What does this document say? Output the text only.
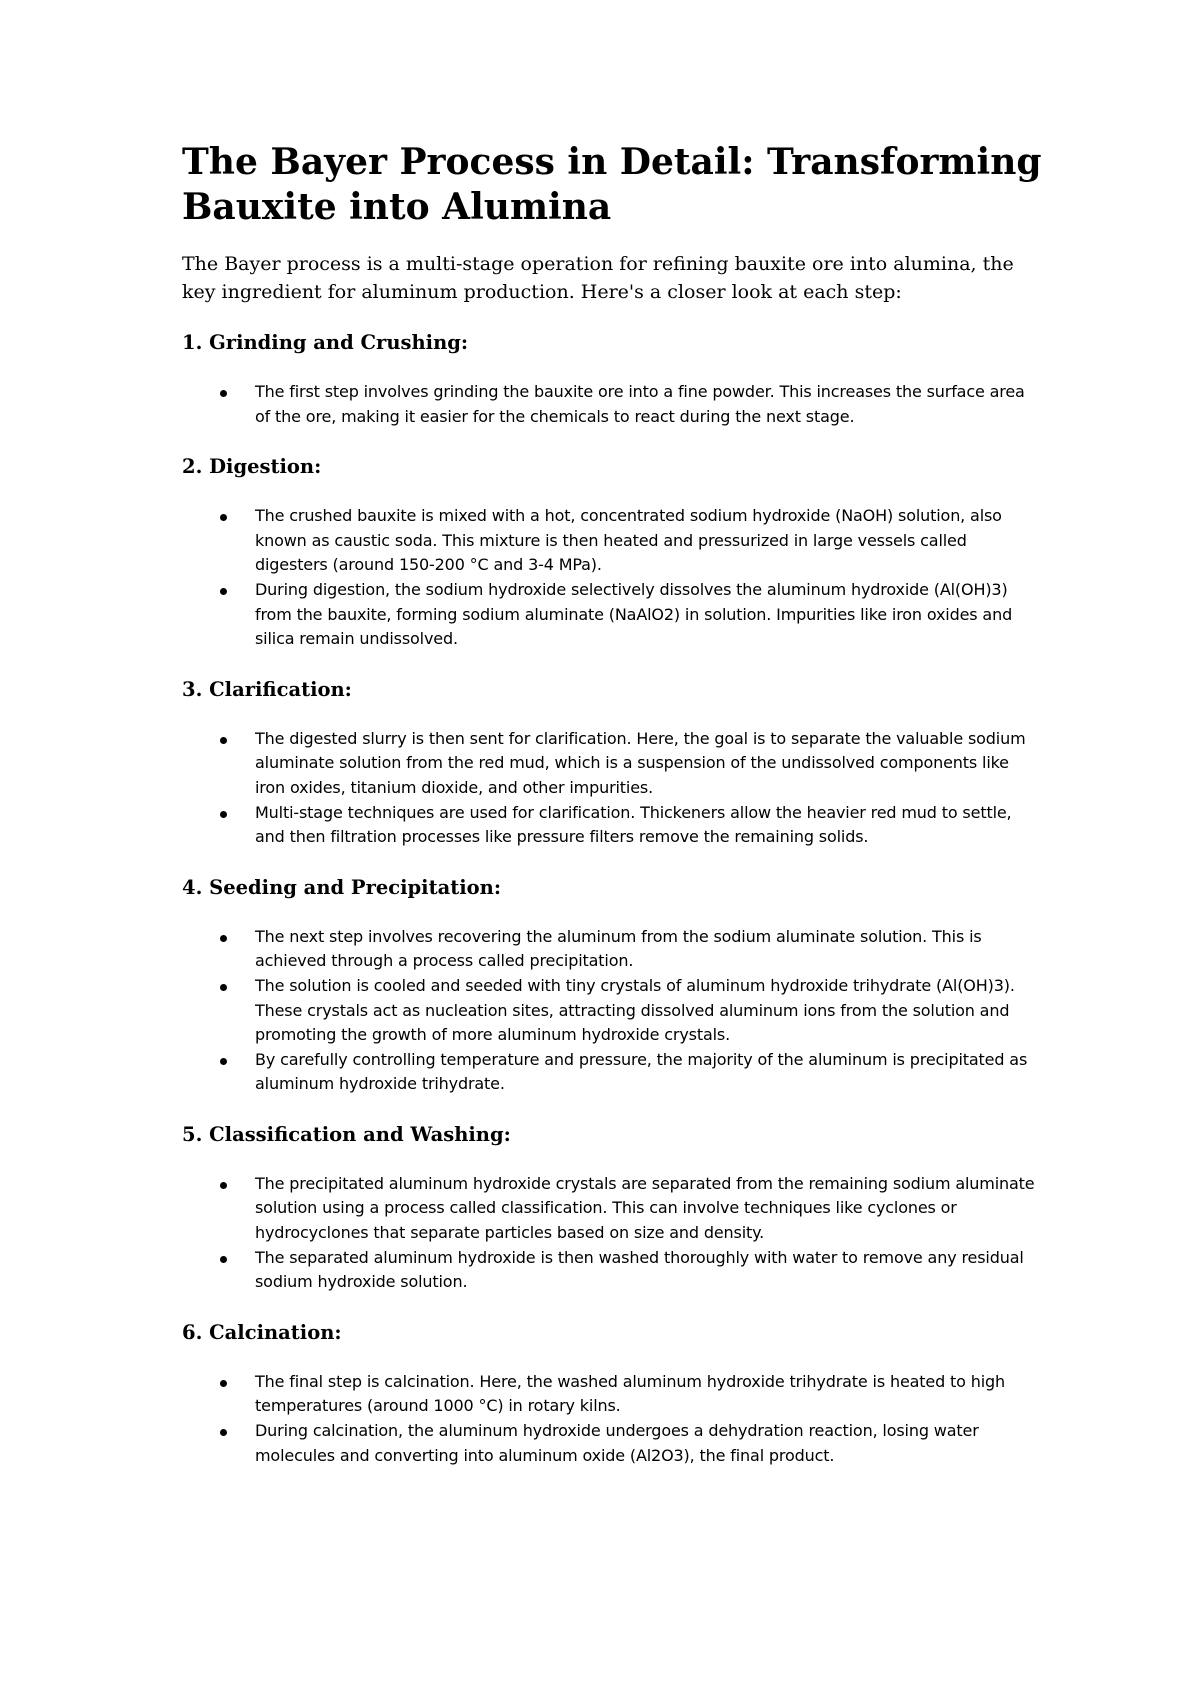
The Bayer Process in Detail: Transforming Bauxite into Alumina

The Bayer process is a multi-stage operation for refining bauxite ore into alumina, the key ingredient for aluminum production. Here's a closer look at each step:

1. Grinding and Crushing:
The first step involves grinding the bauxite ore into a fine powder. This increases the surface area of the ore, making it easier for the chemicals to react during the next stage.
2. Digestion:
The crushed bauxite is mixed with a hot, concentrated sodium hydroxide (NaOH) solution, also known as caustic soda. This mixture is then heated and pressurized in large vessels called digesters (around 150-200 °C and 3-4 MPa).
During digestion, the sodium hydroxide selectively dissolves the aluminum hydroxide (Al(OH)3) from the bauxite, forming sodium aluminate (NaAlO2) in solution. Impurities like iron oxides and silica remain undissolved.
3. Clarification:
The digested slurry is then sent for clarification. Here, the goal is to separate the valuable sodium aluminate solution from the red mud, which is a suspension of the undissolved components like iron oxides, titanium dioxide, and other impurities.
Multi-stage techniques are used for clarification. Thickeners allow the heavier red mud to settle, and then filtration processes like pressure filters remove the remaining solids.
4. Seeding and Precipitation:
The next step involves recovering the aluminum from the sodium aluminate solution. This is achieved through a process called precipitation.
The solution is cooled and seeded with tiny crystals of aluminum hydroxide trihydrate (Al(OH)3). These crystals act as nucleation sites, attracting dissolved aluminum ions from the solution and promoting the growth of more aluminum hydroxide crystals.
By carefully controlling temperature and pressure, the majority of the aluminum is precipitated as aluminum hydroxide trihydrate.
5. Classification and Washing:
The precipitated aluminum hydroxide crystals are separated from the remaining sodium aluminate solution using a process called classification. This can involve techniques like cyclones or hydrocyclones that separate particles based on size and density.
The separated aluminum hydroxide is then washed thoroughly with water to remove any residual sodium hydroxide solution.
6. Calcination:
The final step is calcination. Here, the washed aluminum hydroxide trihydrate is heated to high temperatures (around 1000 °C) in rotary kilns.
During calcination, the aluminum hydroxide undergoes a dehydration reaction, losing water molecules and converting into aluminum oxide (Al2O3), the final product.
